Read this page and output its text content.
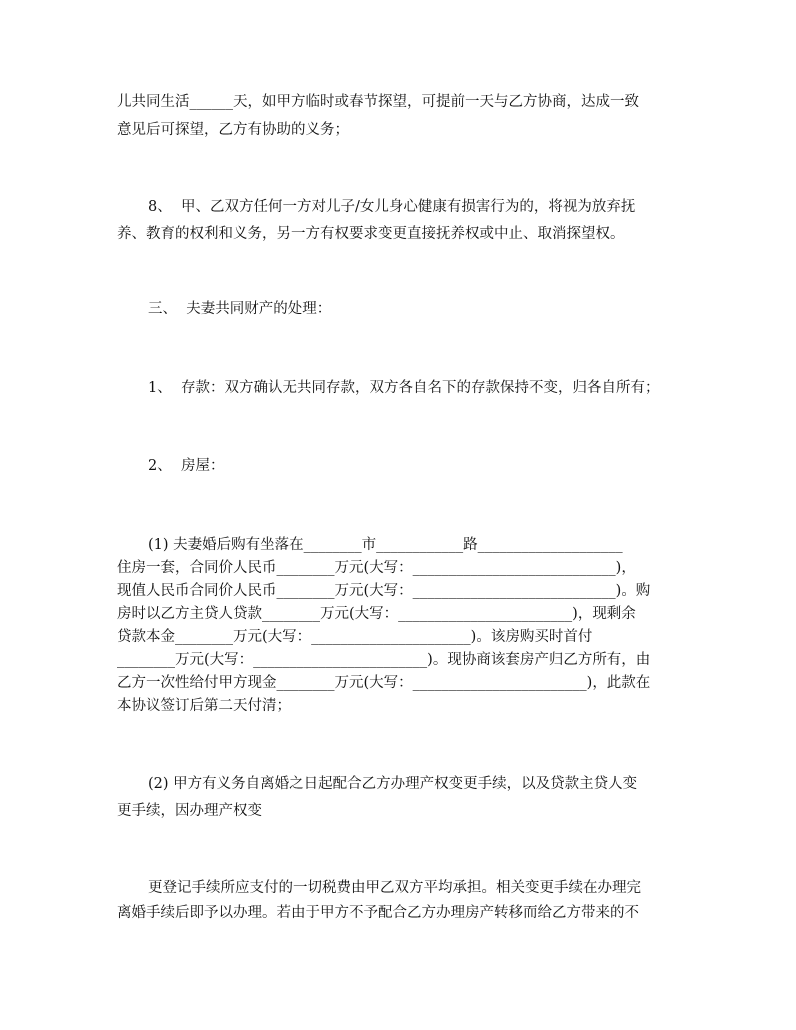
儿共同生活______天，如甲方临时或春节探望，可提前一天与乙方协商，达成一致
意见后可探望，乙方有协助的义务；
8、  甲、乙双方任何一方对儿子/女儿身心健康有损害行为的，将视为放弃抚
养、教育的权利和义务，另一方有权要求变更直接抚养权或中止、取消探望权。
三、  夫妻共同财产的处理：
1、  存款：双方确认无共同存款，双方各自名下的存款保持不变，归各自所有；
2、  房屋：
(1) 夫妻婚后购有坐落在________市____________路____________________
住房一套，合同价人民币________万元(大写：____________________________)，
现值人民币合同价人民币________万元(大写：____________________________)。购
房时以乙方主贷人贷款________万元(大写：________________________)，现剩余
贷款本金________万元(大写：______________________)。该房购买时首付
________万元(大写：________________________)。现协商该套房产归乙方所有，由
乙方一次性给付甲方现金________万元(大写：________________________)，此款在
本协议签订后第二天付清；
(2) 甲方有义务自离婚之日起配合乙方办理产权变更手续，以及贷款主贷人变
更手续，因办理产权变
更登记手续所应支付的一切税费由甲乙双方平均承担。相关变更手续在办理完
离婚手续后即予以办理。若由于甲方不予配合乙方办理房产转移而给乙方带来的不
